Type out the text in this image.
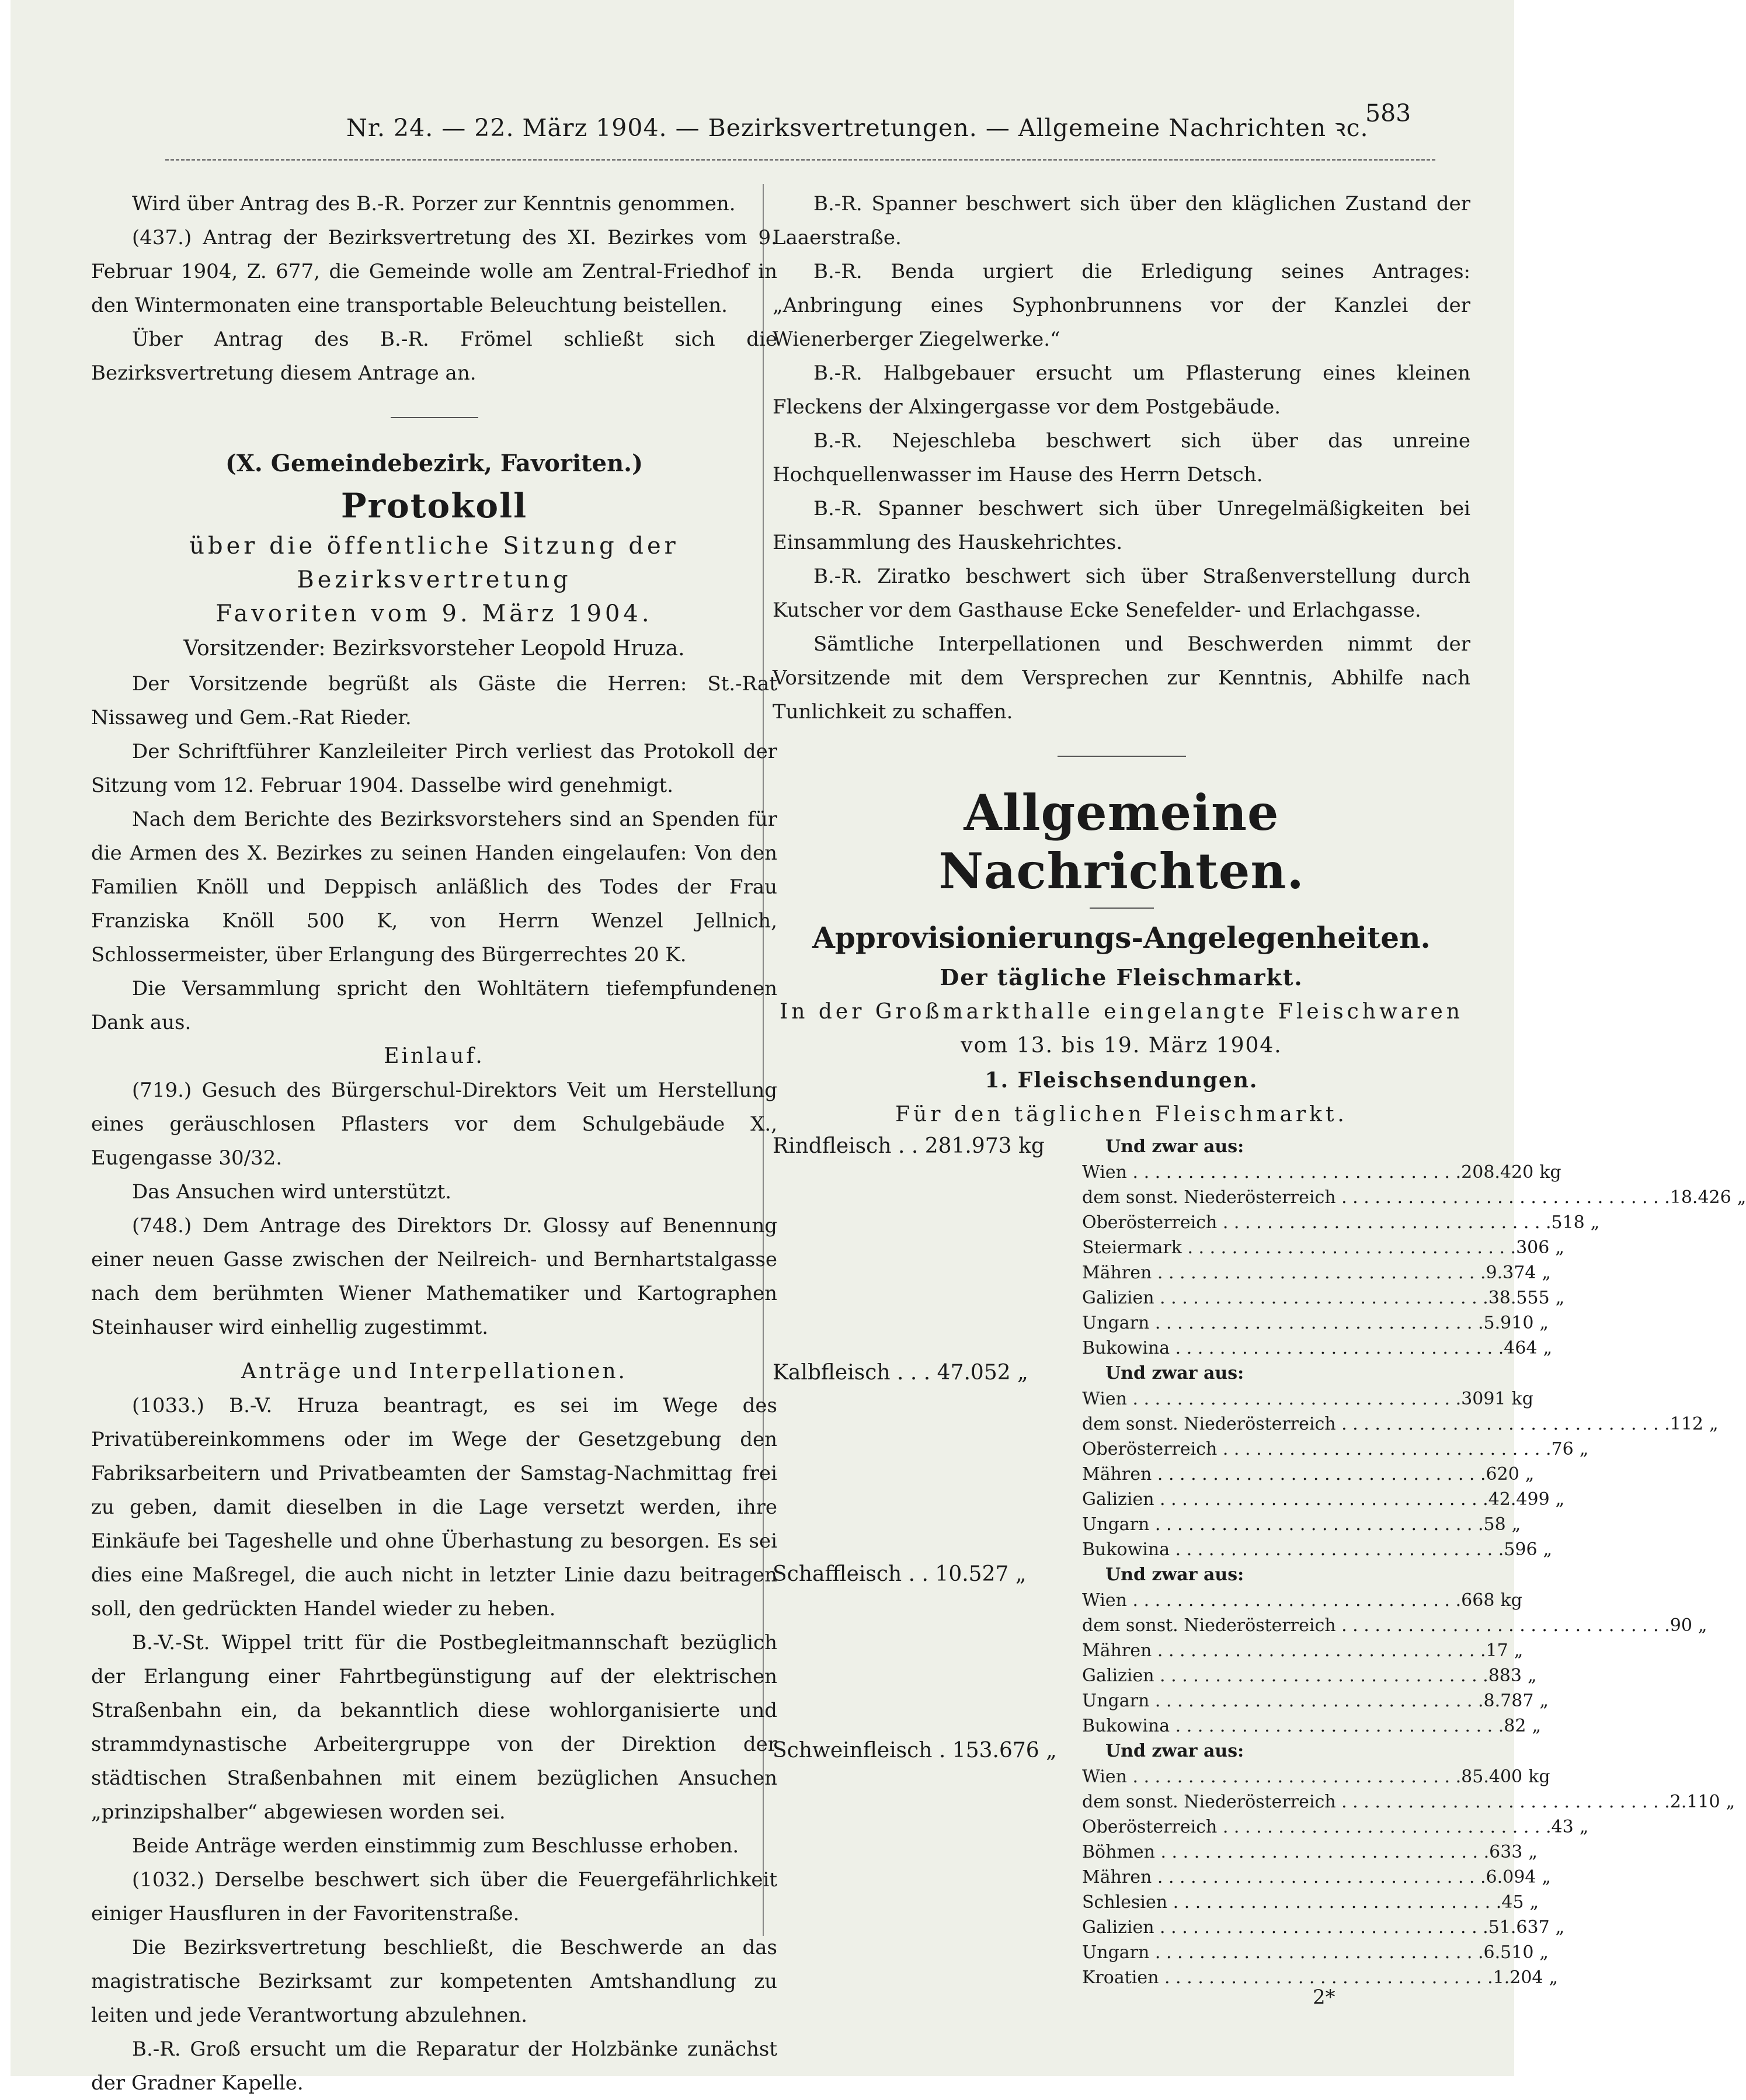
Nr. 24. — 22. März 1904. — Bezirksvertretungen. — Allgemeine Nachrichten ꝛc.
583

Wird über Antrag des B.-R. Porzer zur Kenntnis genommen.

(437.) Antrag der Bezirksvertretung des XI. Bezirkes vom 9. Februar 1904, Z. 677, die Gemeinde wolle am Zentral-Friedhof in den Wintermonaten eine transportable Beleuchtung beistellen.

Über Antrag des B.-R. Frömel schließt sich die Bezirksvertretung diesem Antrage an.

(X. Gemeindebezirk, Favoriten.)

Protokoll

über die öffentliche Sitzung der Bezirksvertretung

Favoriten vom 9. März 1904.

Vorsitzender: Bezirksvorsteher Leopold Hruza.

Der Vorsitzende begrüßt als Gäste die Herren: St.-Rat Nissaweg und Gem.-Rat Rieder.

Der Schriftführer Kanzleileiter Pirch verliest das Protokoll der Sitzung vom 12. Februar 1904. Dasselbe wird genehmigt.

Nach dem Berichte des Bezirksvorstehers sind an Spenden für die Armen des X. Bezirkes zu seinen Handen eingelaufen: Von den Familien Knöll und Deppisch anläßlich des Todes der Frau Franziska Knöll 500 K, von Herrn Wenzel Jellnich, Schlossermeister, über Erlangung des Bürgerrechtes 20 K.

Die Versammlung spricht den Wohltätern tiefempfundenen Dank aus.

Einlauf.

(719.) Gesuch des Bürgerschul-Direktors Veit um Herstellung eines geräuschlosen Pflasters vor dem Schulgebäude X., Eugengasse 30/32.

Das Ansuchen wird unterstützt.

(748.) Dem Antrage des Direktors Dr. Glossy auf Benennung einer neuen Gasse zwischen der Neilreich- und Bernhartstalgasse nach dem berühmten Wiener Mathematiker und Kartographen Steinhauser wird einhellig zugestimmt.

Anträge und Interpellationen.

(1033.) B.-V. Hruza beantragt, es sei im Wege des Privatübereinkommens oder im Wege der Gesetzgebung den Fabriksarbeitern und Privatbeamten der Samstag-Nachmittag frei zu geben, damit dieselben in die Lage versetzt werden, ihre Einkäufe bei Tageshelle und ohne Überhastung zu besorgen. Es sei dies eine Maßregel, die auch nicht in letzter Linie dazu beitragen soll, den gedrückten Handel wieder zu heben.

B.-V.-St. Wippel tritt für die Postbegleitmannschaft bezüglich der Erlangung einer Fahrtbegünstigung auf der elektrischen Straßenbahn ein, da bekanntlich diese wohlorganisierte und strammdynastische Arbeitergruppe von der Direktion der städtischen Straßenbahnen mit einem bezüglichen Ansuchen „prinzipshalber“ abgewiesen worden sei.

Beide Anträge werden einstimmig zum Beschlusse erhoben.

(1032.) Derselbe beschwert sich über die Feuergefährlichkeit einiger Hausfluren in der Favoritenstraße.

Die Bezirksvertretung beschließt, die Beschwerde an das magistratische Bezirksamt zur kompetenten Amtshandlung zu leiten und jede Verantwortung abzulehnen.

B.-R. Groß ersucht um die Reparatur der Holzbänke zunächst der Gradner Kapelle.

B.-R. Spanner beschwert sich über den kläglichen Zustand der Laaerstraße.

B.-R. Benda urgiert die Erledigung seines Antrages: „Anbringung eines Syphonbrunnens vor der Kanzlei der Wienerberger Ziegelwerke.“

B.-R. Halbgebauer ersucht um Pflasterung eines kleinen Fleckens der Alxingergasse vor dem Postgebäude.

B.-R. Nejeschleba beschwert sich über das unreine Hochquellenwasser im Hause des Herrn Detsch.

B.-R. Spanner beschwert sich über Unregelmäßigkeiten bei Einsammlung des Hauskehrichtes.

B.-R. Ziratko beschwert sich über Straßenverstellung durch Kutscher vor dem Gasthause Ecke Senefelder- und Erlachgasse.

Sämtliche Interpellationen und Beschwerden nimmt der Vorsitzende mit dem Versprechen zur Kenntnis, Abhilfe nach Tunlichkeit zu schaffen.

Allgemeine Nachrichten.

Approvisionierungs-Angelegenheiten.

Der tägliche Fleischmarkt.

In der Großmarkthalle eingelangte Fleischwaren

vom 13. bis 19. März 1904.

1. Fleischsendungen.

Für den täglichen Fleischmarkt.

Rindfleisch . . 281.973 kg	Und zwar aus:
Wien . . .	208.420 kg
dem sonst. Niederösterreich . . .	18.426 „
Oberösterreich . . .	518 „
Steiermark . . .	306 „
Mähren . . .	9.374 „
Galizien . . .	38.555 „
Ungarn . . .	5.910 „
Bukowina . . .	464 „
Kalbfleisch . . . 47.052 „	Und zwar aus:
Wien . . .	3091 kg
dem sonst. Niederösterreich . . .	112 „
Oberösterreich . . .	76 „
Mähren . . .	620 „
Galizien . . .	42.499 „
Ungarn . . .	58 „
Bukowina . . .	596 „
Schaffleisch . . 10.527 „	Und zwar aus:
Wien . . .	668 kg
dem sonst. Niederösterreich . . .	90 „
Mähren . . .	17 „
Galizien . . .	883 „
Ungarn . . .	8.787 „
Bukowina . . .	82 „
Schweinfleisch . 153.676 „	Und zwar aus:
Wien . . .	85.400 kg
dem sonst. Niederösterreich . . .	2.110 „
Oberösterreich . . .	43 „
Böhmen . . .	633 „
Mähren . . .	6.094 „
Schlesien . . .	45 „
Galizien . . .	51.637 „
Ungarn . . .	6.510 „
Kroatien . . .	1.204 „
2*
